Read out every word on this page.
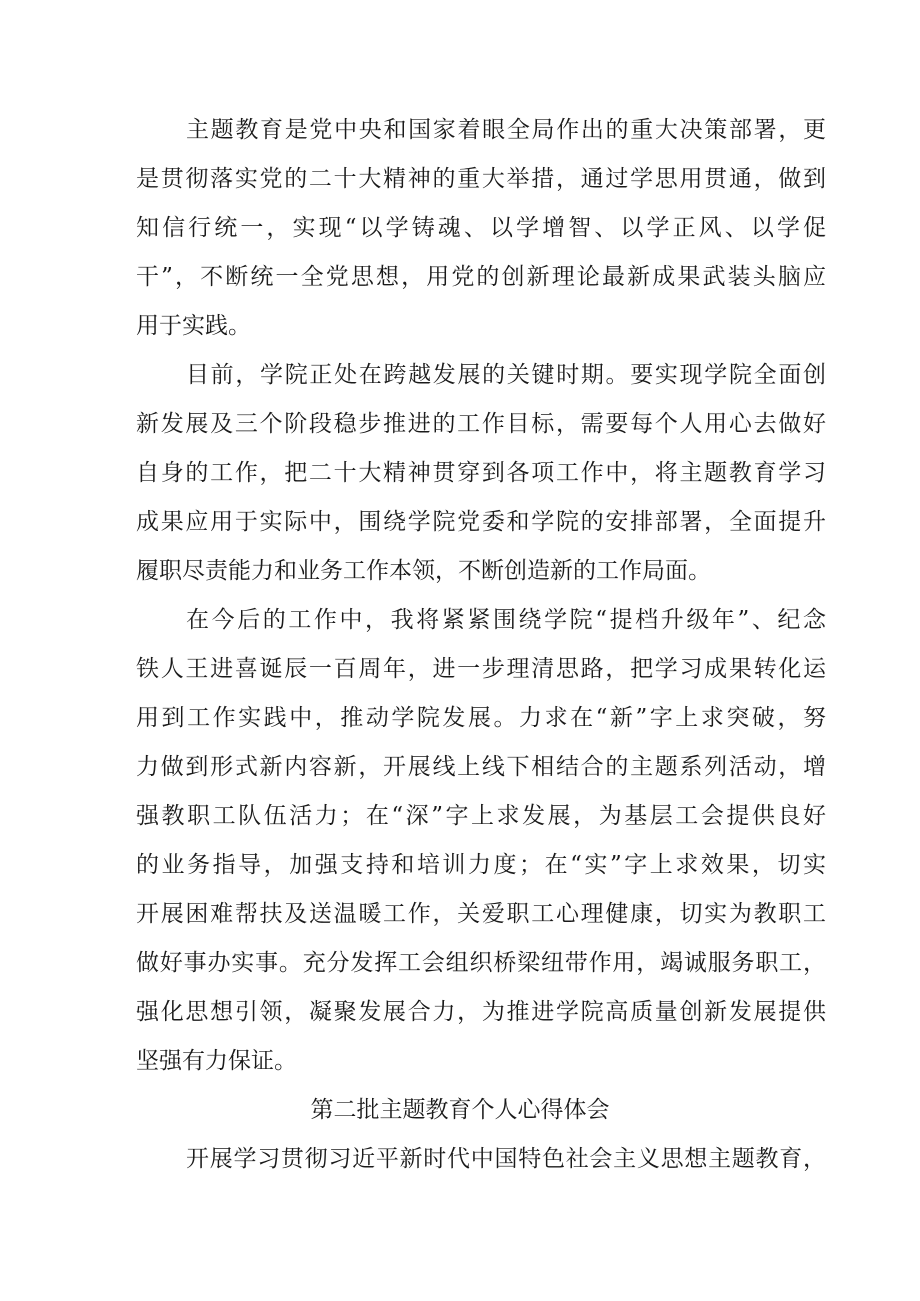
主题教育是党中央和国家着眼全局作出的重大决策部署，更

是贯彻落实党的二十大精神的重大举措，通过学思用贯通，做到

知信行统一，实现“以学铸魂、以学增智、以学正风、以学促

干”，不断统一全党思想，用党的创新理论最新成果武装头脑应

用于实践。

目前，学院正处在跨越发展的关键时期。要实现学院全面创

新发展及三个阶段稳步推进的工作目标，需要每个人用心去做好

自身的工作，把二十大精神贯穿到各项工作中，将主题教育学习

成果应用于实际中，围绕学院党委和学院的安排部署，全面提升

履职尽责能力和业务工作本领，不断创造新的工作局面。

在今后的工作中，我将紧紧围绕学院“提档升级年”、纪念

铁人王进喜诞辰一百周年，进一步理清思路，把学习成果转化运

用到工作实践中，推动学院发展。力求在“新”字上求突破，努

力做到形式新内容新，开展线上线下相结合的主题系列活动，增

强教职工队伍活力；在“深”字上求发展，为基层工会提供良好

的业务指导，加强支持和培训力度；在“实”字上求效果，切实

开展困难帮扶及送温暖工作，关爱职工心理健康，切实为教职工

做好事办实事。充分发挥工会组织桥梁纽带作用，竭诚服务职工，

强化思想引领，凝聚发展合力，为推进学院高质量创新发展提供

坚强有力保证。

第二批主题教育个人心得体会

开展学习贯彻习近平新时代中国特色社会主义思想主题教育，
